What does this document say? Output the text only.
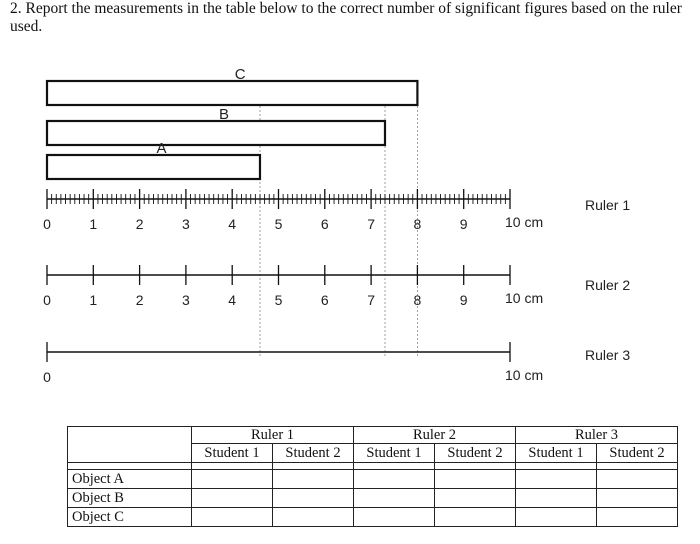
2. Report the measurements in the table below to the correct number of significant figures based on the ruler used.
C
B
A
0	1	2	3	4	5	6	7	8	9	10 cm
0	1	2	3	4	5	6	7	8	9	10 cm
0	10 cm
Ruler 1
Ruler 2
Ruler 3
	Ruler 1		Ruler 2		Ruler 3	
	Student 1	Student 2	Student 1	Student 2	Student 1	Student 2

Object A						
Object B						
Object C						
